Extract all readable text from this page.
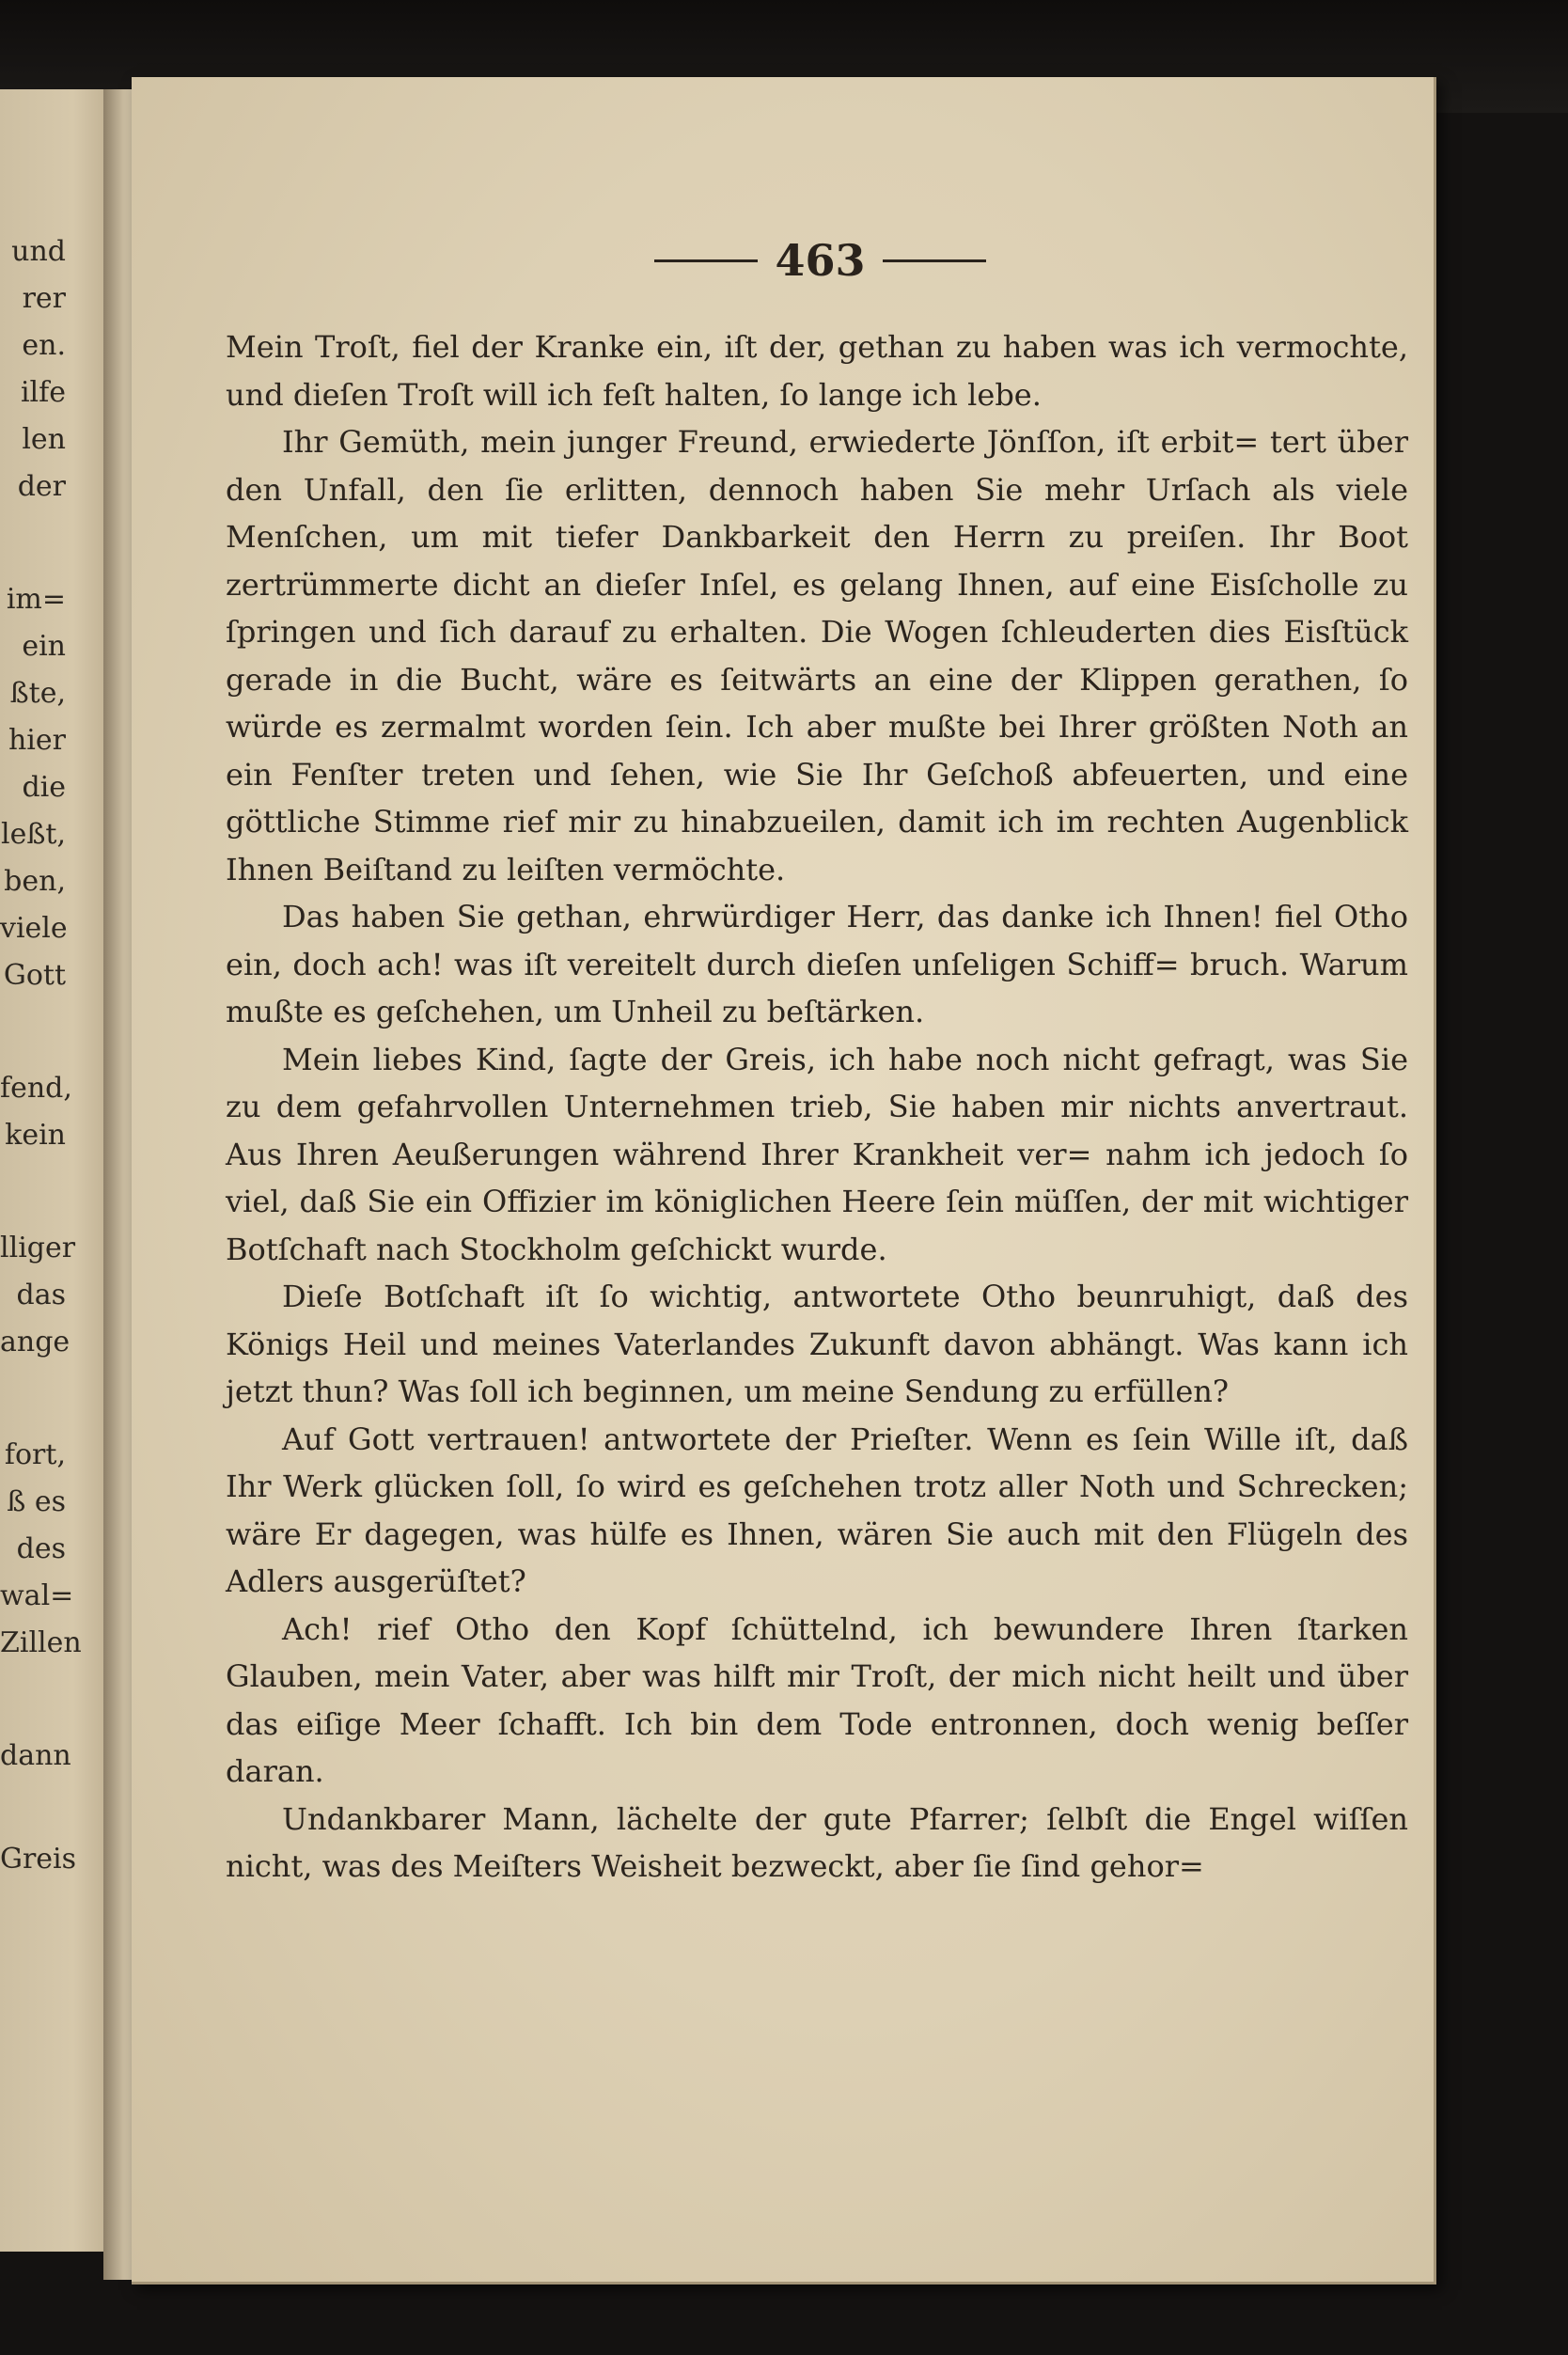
und
rer
en.
ilfe
len
der
im=
ein
ßte,
hier
die
leßt,
ben,
viele
Gott
fend,
kein
lliger
das
ange
fort,
ß es
des
wal=
Zillen
dann
Greis
463

Mein Troſt, fiel der Kranke ein, iſt der, gethan zu haben was ich vermochte, und dieſen Troſt will ich feſt halten, ſo lange ich lebe.

Ihr Gemüth, mein junger Freund, erwiederte Jönſſon, iſt erbit= tert über den Unfall, den ſie erlitten, dennoch haben Sie mehr Urſach als viele Menſchen, um mit tiefer Dankbarkeit den Herrn zu preiſen. Ihr Boot zertrümmerte dicht an dieſer Inſel, es gelang Ihnen, auf eine Eisſcholle zu ſpringen und ſich darauf zu erhalten. Die Wogen ſchleuderten dies Eisſtück gerade in die Bucht, wäre es ſeitwärts an eine der Klippen gerathen, ſo würde es zermalmt worden ſein. Ich aber mußte bei Ihrer größten Noth an ein Fenſter treten und ſehen, wie Sie Ihr Geſchoß abfeuerten, und eine göttliche Stimme rief mir zu hinabzueilen, damit ich im rechten Augenblick Ihnen Beiſtand zu leiſten vermöchte.

Das haben Sie gethan, ehrwürdiger Herr, das danke ich Ihnen! fiel Otho ein, doch ach! was iſt vereitelt durch dieſen unſeligen Schiff= bruch. Warum mußte es geſchehen, um Unheil zu beſtärken.

Mein liebes Kind, ſagte der Greis, ich habe noch nicht gefragt, was Sie zu dem gefahrvollen Unternehmen trieb, Sie haben mir nichts anvertraut. Aus Ihren Aeußerungen während Ihrer Krankheit ver= nahm ich jedoch ſo viel, daß Sie ein Offizier im königlichen Heere ſein müſſen, der mit wichtiger Botſchaft nach Stockholm geſchickt wurde.

Dieſe Botſchaft iſt ſo wichtig, antwortete Otho beunruhigt, daß des Königs Heil und meines Vaterlandes Zukunft davon abhängt. Was kann ich jetzt thun? Was ſoll ich beginnen, um meine Sendung zu erfüllen?

Auf Gott vertrauen! antwortete der Prieſter. Wenn es ſein Wille iſt, daß Ihr Werk glücken ſoll, ſo wird es geſchehen trotz aller Noth und Schrecken; wäre Er dagegen, was hülfe es Ihnen, wären Sie auch mit den Flügeln des Adlers ausgerüſtet?

Ach! rief Otho den Kopf ſchüttelnd, ich bewundere Ihren ſtarken Glauben, mein Vater, aber was hilft mir Troſt, der mich nicht heilt und über das eiſige Meer ſchafft. Ich bin dem Tode entronnen, doch wenig beſſer daran.

Undankbarer Mann, lächelte der gute Pfarrer; ſelbſt die Engel wiſſen nicht, was des Meiſters Weisheit bezweckt, aber ſie ſind gehor=
